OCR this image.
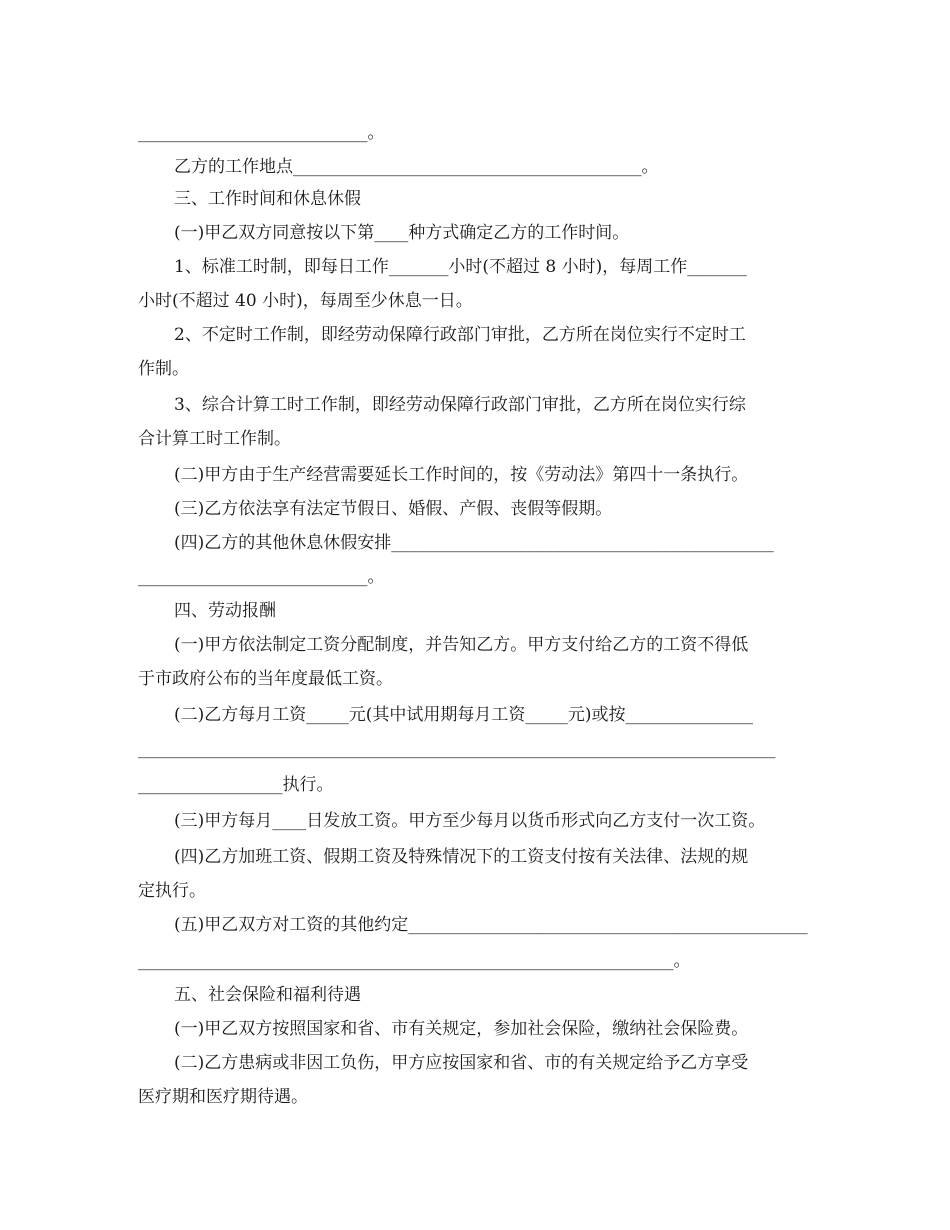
___________________________。
乙方的工作地点_________________________________________。
三、工作时间和休息休假
(一)甲乙双方同意按以下第____种方式确定乙方的工作时间。
1、标准工时制，即每日工作_______小时(不超过 8 小时)，每周工作_______
小时(不超过 40 小时)，每周至少休息一日。
2、不定时工作制，即经劳动保障行政部门审批，乙方所在岗位实行不定时工
作制。
3、综合计算工时工作制，即经劳动保障行政部门审批，乙方所在岗位实行综
合计算工时工作制。
(二)甲方由于生产经营需要延长工作时间的，按《劳动法》第四十一条执行。
(三)乙方依法享有法定节假日、婚假、产假、丧假等假期。
(四)乙方的其他休息休假安排_____________________________________________
___________________________。
四、劳动报酬
(一)甲方依法制定工资分配制度，并告知乙方。甲方支付给乙方的工资不得低
于市政府公布的当年度最低工资。
(二)乙方每月工资_____元(其中试用期每月工资_____元)或按_______________
___________________________________________________________________________
_________________执行。
(三)甲方每月____日发放工资。甲方至少每月以货币形式向乙方支付一次工资。
(四)乙方加班工资、假期工资及特殊情况下的工资支付按有关法律、法规的规
定执行。
(五)甲乙双方对工资的其他约定_______________________________________________
_______________________________________________________________。
五、社会保险和福利待遇
(一)甲乙双方按照国家和省、市有关规定，参加社会保险，缴纳社会保险费。
(二)乙方患病或非因工负伤，甲方应按国家和省、市的有关规定给予乙方享受
医疗期和医疗期待遇。
